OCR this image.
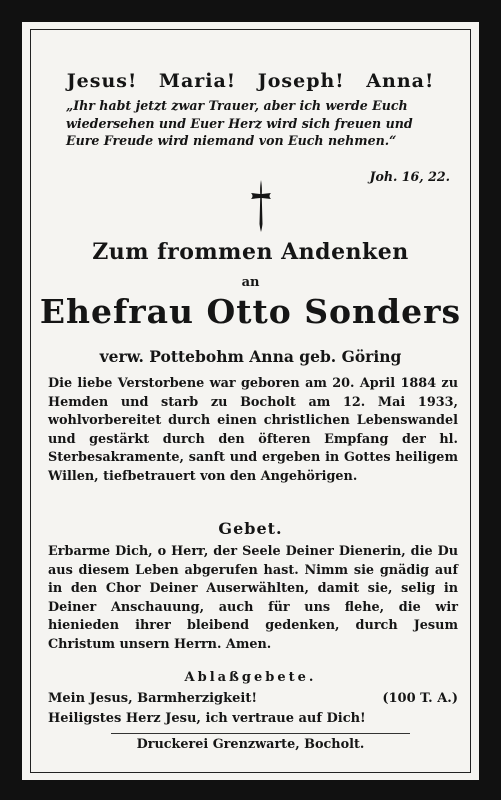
Jesus! Maria! Joseph! Anna!
„Ihr habt jetzt zwar Trauer, aber ich werde Euch wiedersehen und Euer Herz wird sich freuen und Eure Freude wird niemand von Euch nehmen.“
Joh. 16, 22.
Zum frommen Andenken
an
Ehefrau Otto Sonders
verw. Pottebohm Anna geb. Göring
Die liebe Verstorbene war geboren am 20. April 1884 zu Hemden und starb zu Bocholt am 12. Mai 1933, wohlvorbereitet durch einen christlichen Lebenswandel und gestärkt durch den öfteren Empfang der hl. Sterbesakramente, sanft und ergeben in Gottes heiligem Willen, tiefbetrauert von den Angehörigen.
Gebet.
Erbarme Dich, o Herr, der Seele Deiner Dienerin, die Du aus diesem Leben abgerufen hast. Nimm sie gnädig auf in den Chor Deiner Auserwählten, damit sie, selig in Deiner Anschauung, auch für uns flehe, die wir hienieden ihrer bleibend gedenken, durch Jesum Christum unsern Herrn. Amen.
Ablaßgebete.
Mein Jesus, Barmherzigkeit!	(100 T. A.)
Heiligstes Herz Jesu, ich vertraue auf Dich!
Druckerei Grenzwarte, Bocholt.
